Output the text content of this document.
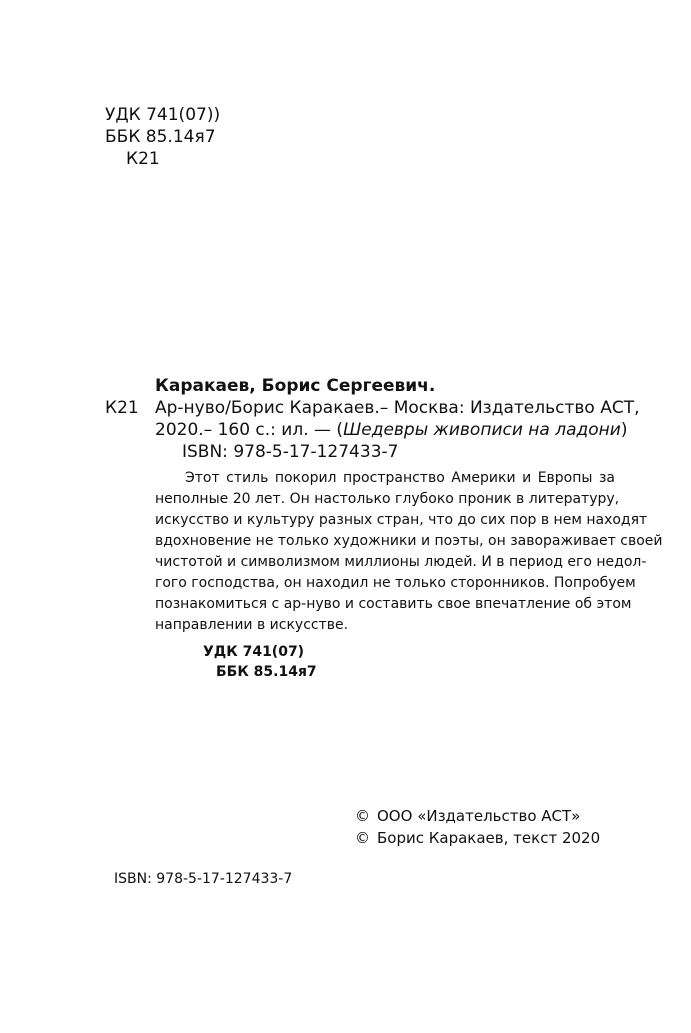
УДК 741(07))
ББК 85.14я7
К21
Каракаев, Борис Сергеевич.
К21 Ар-нуво/Борис Каракаев.– Москва: Издательство АСТ,
2020.– 160 с.: ил. — (Шедевры живописи на ладони)
ISBN: 978-5-17-127433-7
Этот стиль покорил пространство Америки и Европы за
неполные 20 лет. Он настолько глубоко проник в литературу,
искусство и культуру разных стран, что до сих пор в нем находят
вдохновение не только художники и поэты, он завораживает своей
чистотой и символизмом миллионы людей. И в период его недол-
гого господства, он находил не только сторонников. Попробуем
познакомиться с ар-нуво и составить свое впечатление об этом
направлении в искусстве.
УДК 741(07)
ББК 85.14я7
© ООО «Издательство АСТ»
© Борис Каракаев, текст 2020
ISBN: 978-5-17-127433-7
